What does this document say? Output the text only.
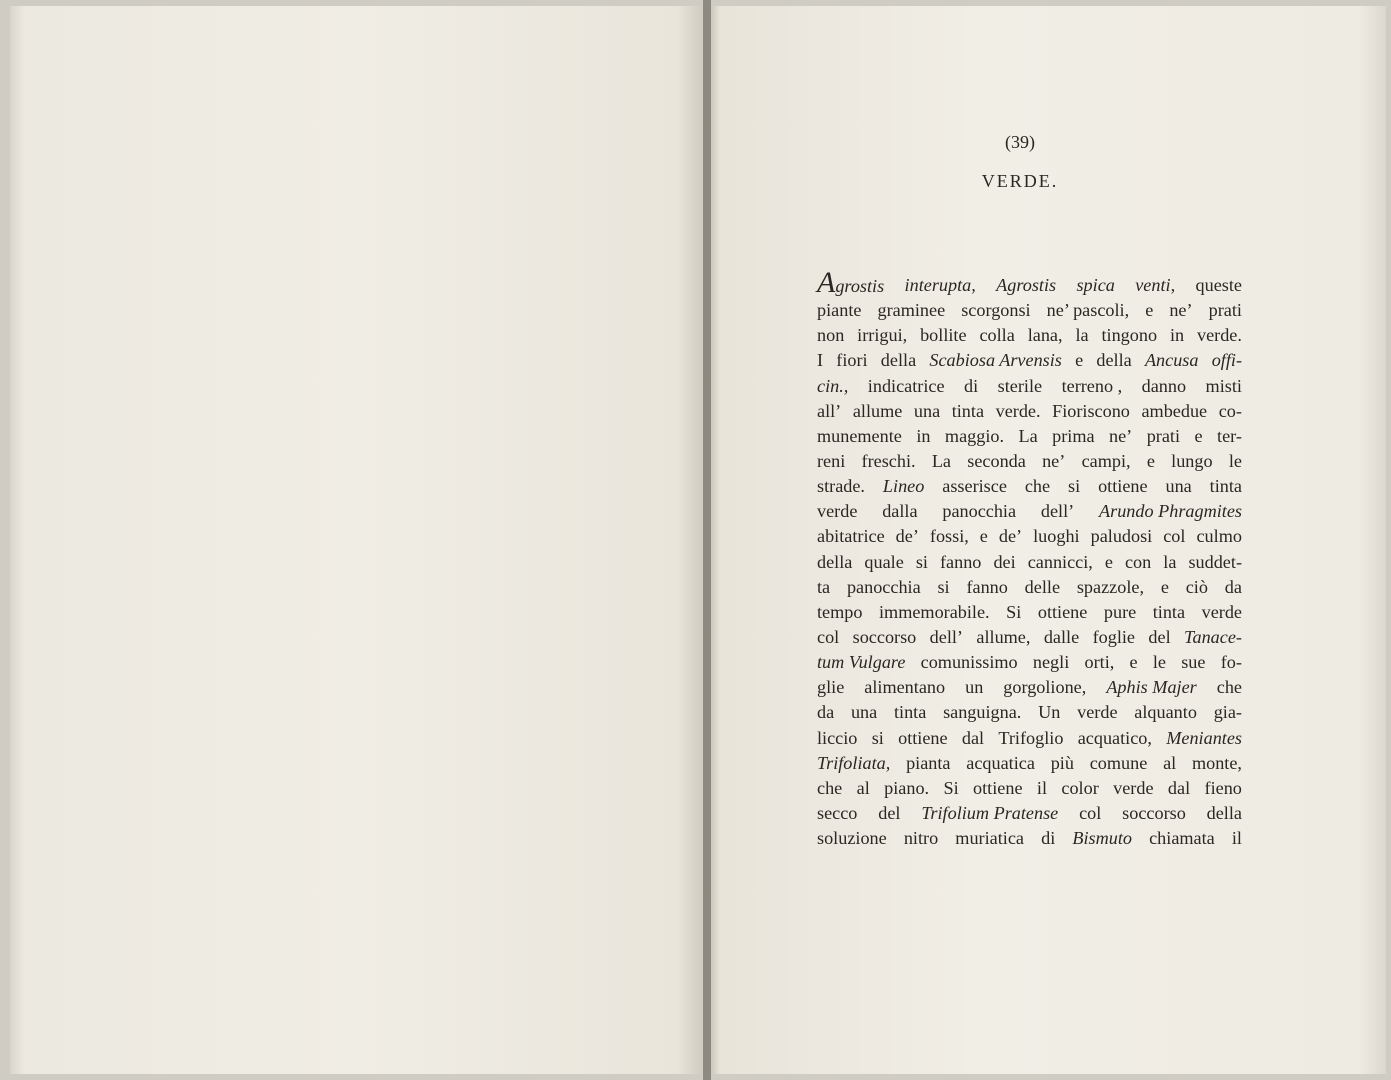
(39)
VERDE.
Agrostis interupta, Agrostis spica venti, queste
piante graminee scorgonsi ne’ pascoli, e ne’ prati
non irrigui, bollite colla lana, la tingono in verde.
I fiori della Scabiosa Arvensis e della Ancusa offi-
cin., indicatrice di sterile terreno , danno misti
all’ allume una tinta verde. Fioriscono ambedue co-
munemente in maggio. La prima ne’ prati e ter-
reni freschi. La seconda ne’ campi, e lungo le
strade. Lineo asserisce che si ottiene una tinta
verde dalla panocchia dell’ Arundo Phragmites
abitatrice de’ fossi, e de’ luoghi paludosi col culmo
della quale si fanno dei cannicci, e con la suddet-
ta panocchia si fanno delle spazzole, e ciò da
tempo immemorabile. Si ottiene pure tinta verde
col soccorso dell’ allume, dalle foglie del Tanace-
tum Vulgare comunissimo negli orti, e le sue fo-
glie alimentano un gorgolione, Aphis Majer che
da una tinta sanguigna. Un verde alquanto gia-
liccio si ottiene dal Trifoglio acquatico, Meniantes
Trifoliata, pianta acquatica più comune al monte,
che al piano. Si ottiene il color verde dal fieno
secco del Trifolium Pratense col soccorso della
soluzione nitro muriatica di Bismuto chiamata il
